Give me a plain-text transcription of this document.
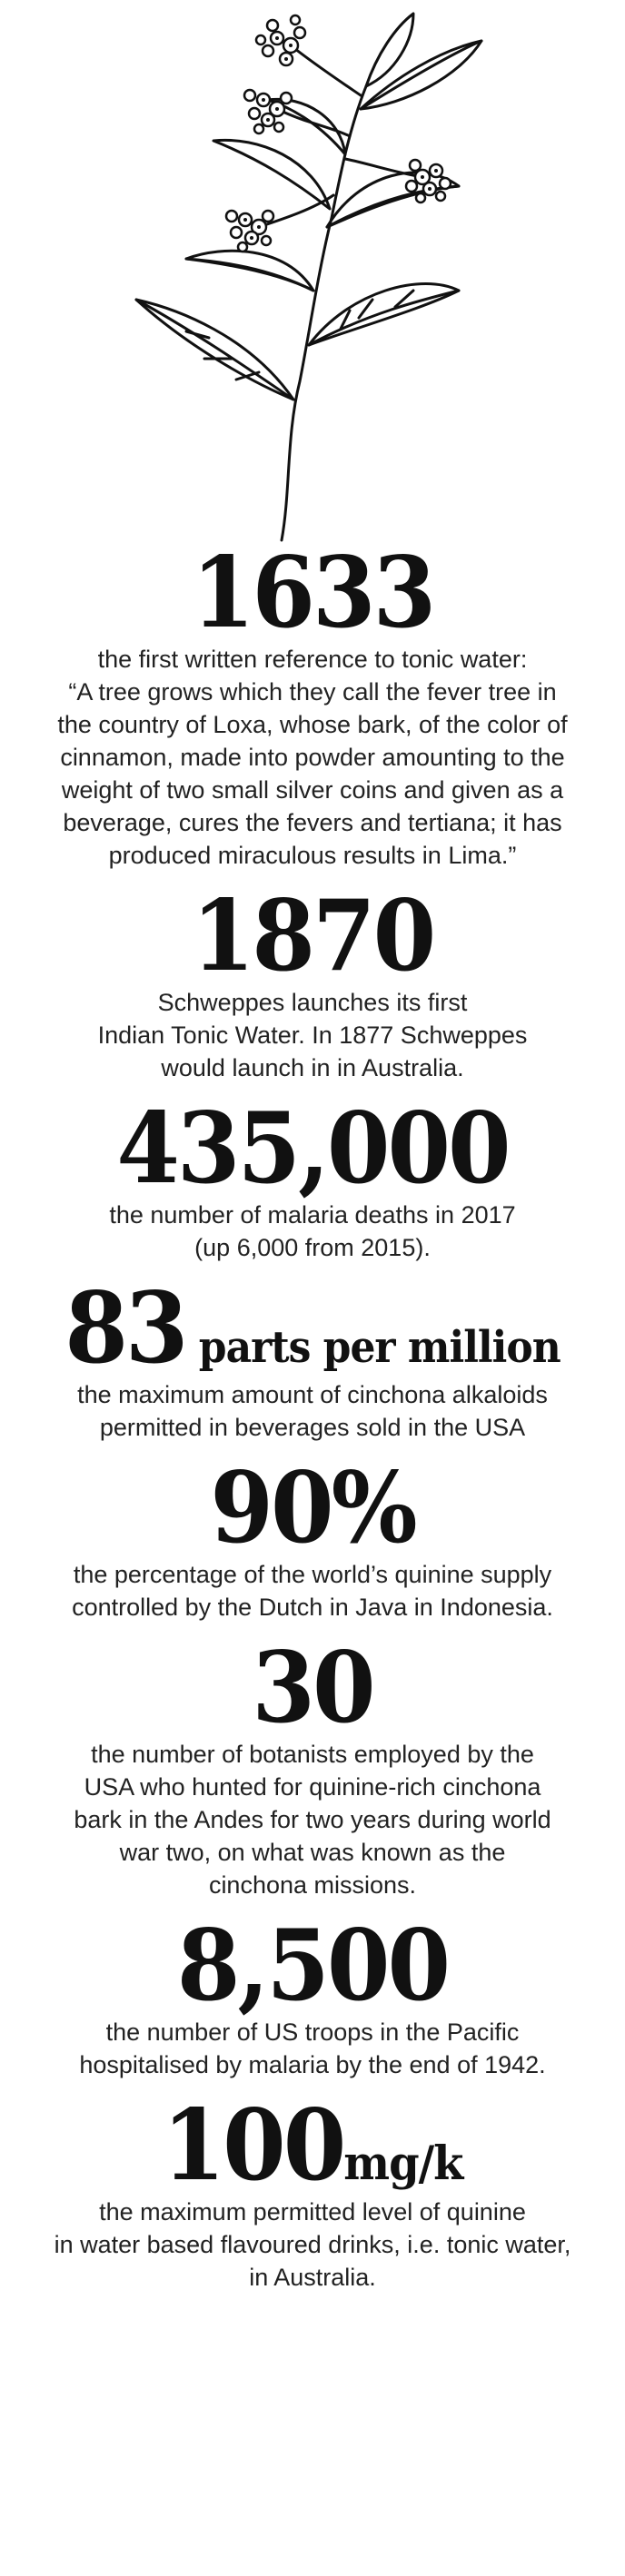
1633
the first written reference to tonic water:
“A tree grows which they call the fever tree in
the country of Loxa, whose bark, of the color of
cinnamon, made into powder amounting to the
weight of two small silver coins and given as a
beverage, cures the fevers and tertiana; it has
produced miraculous results in Lima.”
1870
Schweppes launches its first
Indian Tonic Water. In 1877 Schweppes
would launch in in Australia.
435,000
the number of malaria deaths in 2017
(up 6,000 from 2015).
83 parts per million
the maximum amount of cinchona alkaloids
permitted in beverages sold in the USA
90%
the percentage of the world’s quinine supply
controlled by the Dutch in Java in Indonesia.
30
the number of botanists employed by the
USA who hunted for quinine-rich cinchona
bark in the Andes for two years during world
war two, on what was known as the
cinchona missions.
8,500
the number of US troops in the Pacific
hospitalised by malaria by the end of 1942.
100mg/k
the maximum permitted level of quinine
in water based flavoured drinks, i.e. tonic water,
in Australia.
